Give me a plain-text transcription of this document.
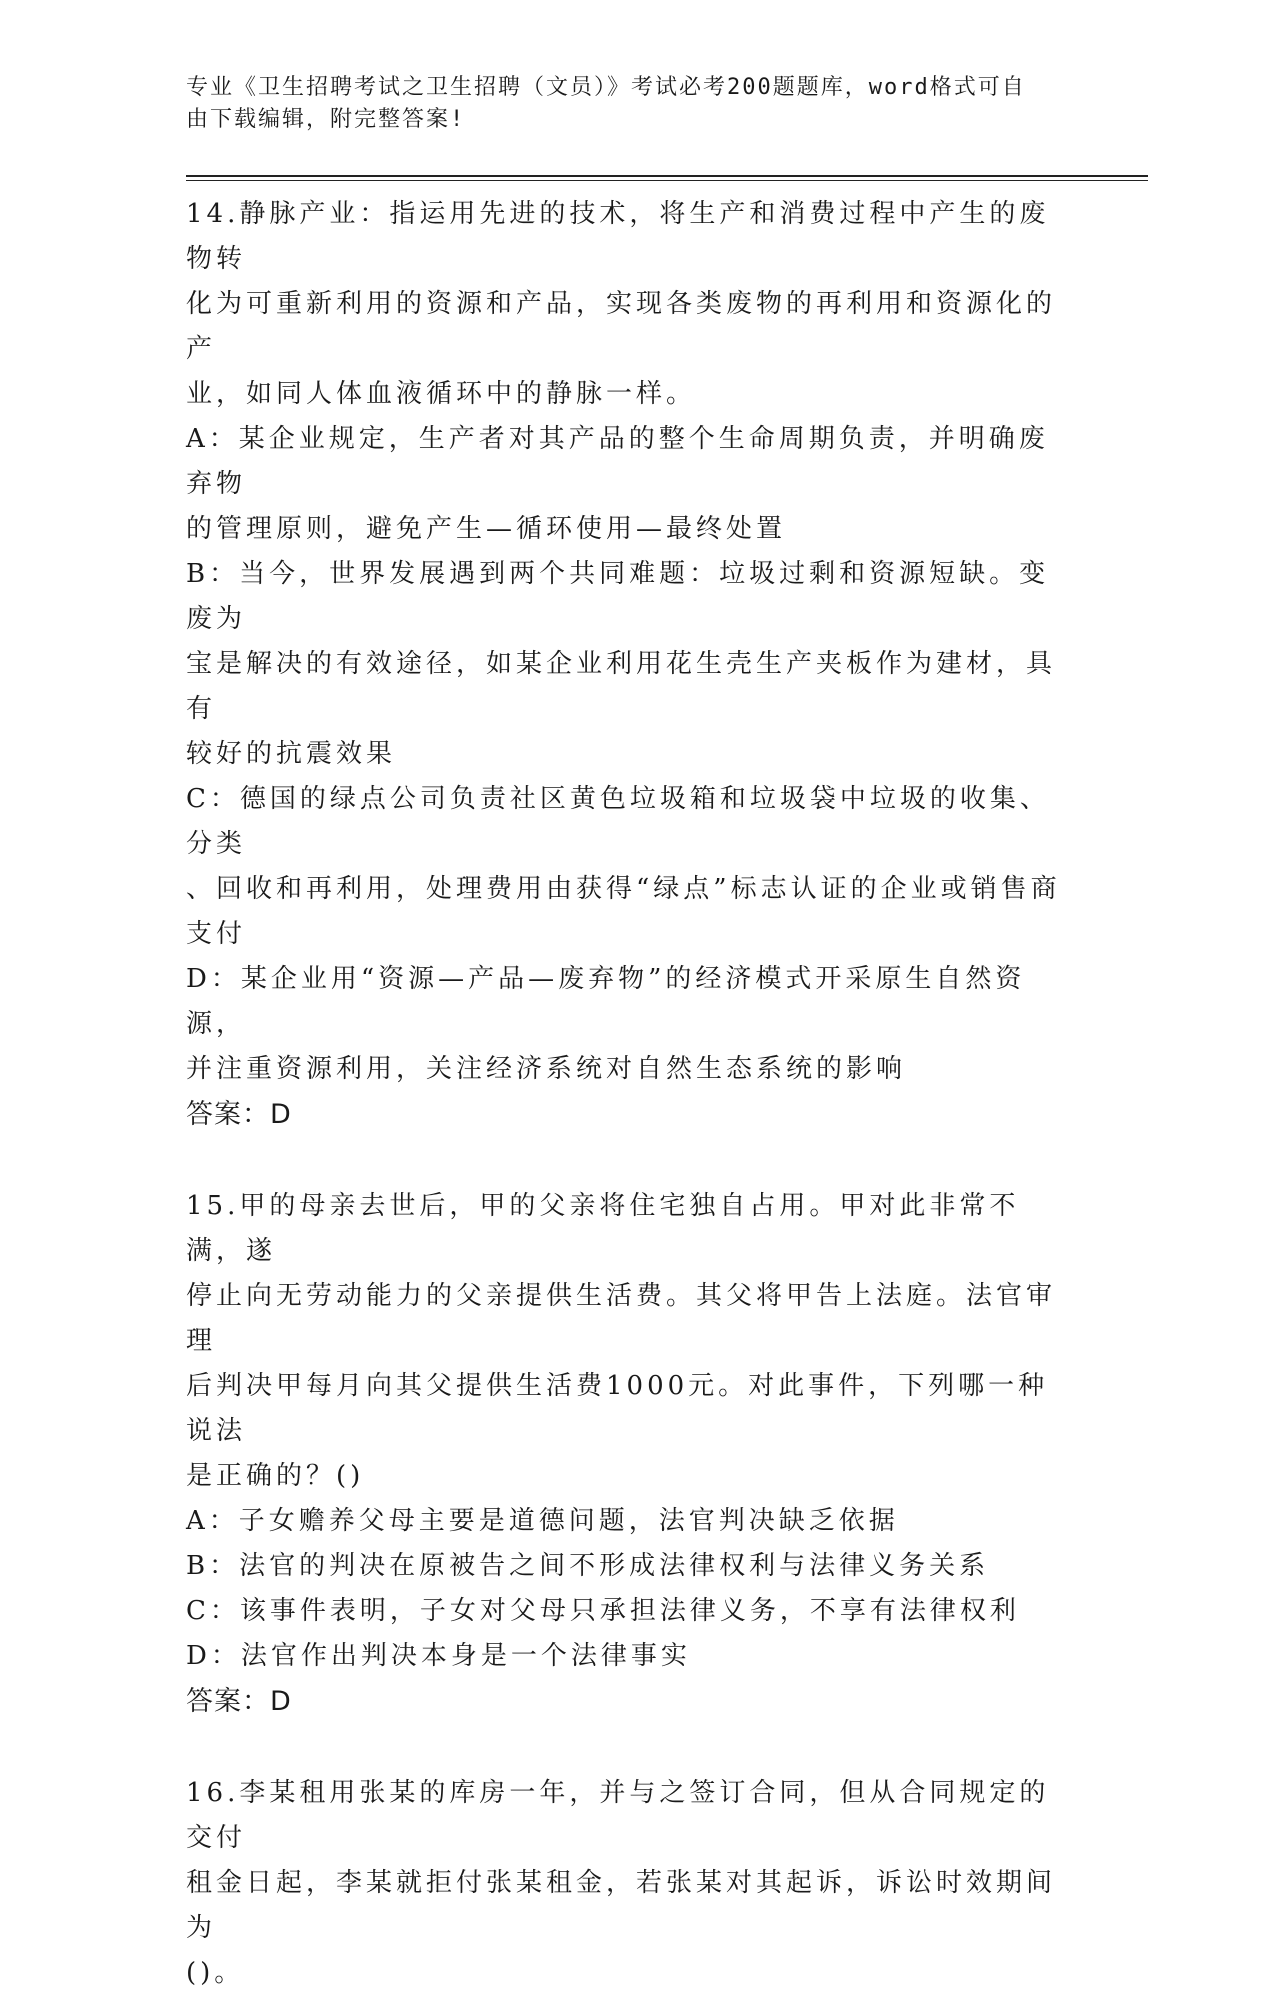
专业《卫生招聘考试之卫生招聘（文员）》考试必考200题题库，word格式可自
由下载编辑，附完整答案!

14.静脉产业：指运用先进的技术，将生产和消费过程中产生的废物转

化为可重新利用的资源和产品，实现各类废物的再利用和资源化的产

业，如同人体血液循环中的静脉一样。

A：某企业规定，生产者对其产品的整个生命周期负责，并明确废弃物

的管理原则，避免产生—循环使用—最终处置

B：当今，世界发展遇到两个共同难题：垃圾过剩和资源短缺。变废为

宝是解决的有效途径，如某企业利用花生壳生产夹板作为建材，具有

较好的抗震效果

C：德国的绿点公司负责社区黄色垃圾箱和垃圾袋中垃圾的收集、分类

、回收和再利用，处理费用由获得“绿点”标志认证的企业或销售商

支付

D：某企业用“资源—产品—废弃物”的经济模式开采原生自然资源，

并注重资源利用，关注经济系统对自然生态系统的影响

答案：D

15.甲的母亲去世后，甲的父亲将住宅独自占用。甲对此非常不满，遂

停止向无劳动能力的父亲提供生活费。其父将甲告上法庭。法官审理

后判决甲每月向其父提供生活费1000元。对此事件，下列哪一种说法

是正确的？()

A：子女赡养父母主要是道德问题，法官判决缺乏依据

B：法官的判决在原被告之间不形成法律权利与法律义务关系

C：该事件表明，子女对父母只承担法律义务，不享有法律权利

D：法官作出判决本身是一个法律事实

答案：D

16.李某租用张某的库房一年，并与之签订合同，但从合同规定的交付

租金日起，李某就拒付张某租金，若张某对其起诉，诉讼时效期间为

()。
